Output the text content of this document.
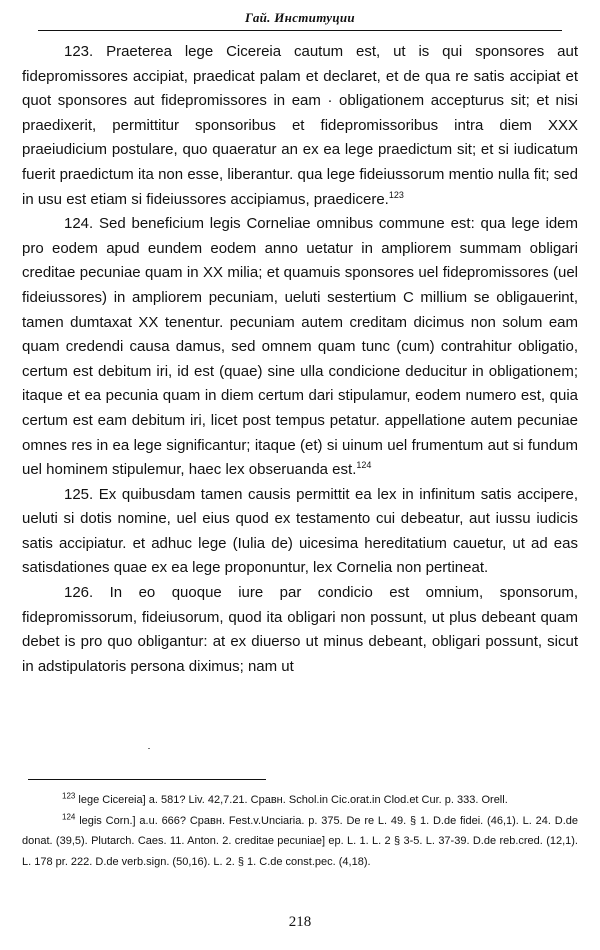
Гай. Институции

123. Praeterea lege Cicereia cautum est, ut is qui sponsores aut fidepromissores accipiat, praedicat palam et declaret, et de qua re satis accipiat et quot sponsores aut fidepromissores in eam · obligationem accepturus sit; et nisi praedixerit, permittitur sponsoribus et fidepromissoribus intra diem XXX praeiudicium postulare, quo quaeratur an ex ea lege praedictum sit; et si iudicatum fuerit praedictum ita non esse, liberantur. qua lege fideiussorum mentio nulla fit; sed in usu est etiam si fideiussores accipiamus, praedicere.$^{123}$

124. Sed beneficium legis Corneliae omnibus commune est: qua lege idem pro eodem apud eundem eodem anno uetatur in ampliorem summam obligari creditae pecuniae quam in XX milia; et quamuis sponsores uel fidepromissores (uel fideiussores) in ampliorem pecuniam, ueluti sestertium C millium se obligauerint, tamen dumtaxat XX tenentur. pecuniam autem creditam dicimus non solum eam quam credendi causa damus, sed omnem quam tunc (cum) contrahitur obligatio, certum est debitum iri, id est (quae) sine ulla condicione deducitur in obligationem; itaque et ea pecunia quam in diem certum dari stipulamur, eodem numero est, quia certum est eam debitum iri, licet post tempus petatur. appellatione autem pecuniae omnes res in ea lege significantur; itaque (et) si uinum uel frumentum aut si fundum uel hominem stipulemur, haec lex obseruanda est.$^{124}$

125. Ex quibusdam tamen causis permittit ea lex in infinitum satis accipere, ueluti si dotis nomine, uel eius quod ex testamento cui debeatur, aut iussu iudicis satis accipiatur. et adhuc lege (Iulia de) uicesima hereditatium cauetur, ut ad eas satisdationes quae ex ea lege proponuntur, lex Cornelia non pertineat.

126. In eo quoque iure par condicio est omnium, sponsorum, fidepromissorum, fideiusorum, quod ita obligari non possunt, ut plus debeant quam debet is pro quo obligantur: at ex diuerso ut minus debeant, obligari possunt, sicut in adstipulatoris persona diximus; nam ut

$^{123}$ lege Cicereia] a. 581? Liv. 42,7.21. Сравн. Schol.in Cic.orat.in Clod.et Cur. p. 333. Orell.

$^{124}$ legis Corn.] a.u. 666? Сравн. Fest.v.Unciaria. p. 375. De re L. 49. § 1. D.de fidei. (46,1). L. 24. D.de donat. (39,5). Plutarch. Caes. 11. Anton. 2. creditae pecuniae] ep. L. 1. L. 2 § 3-5. L. 37-39. D.de reb.cred. (12,1). L. 178 pr. 222. D.de verb.sign. (50,16). L. 2. § 1. C.de const.pec. (4,18).

218
